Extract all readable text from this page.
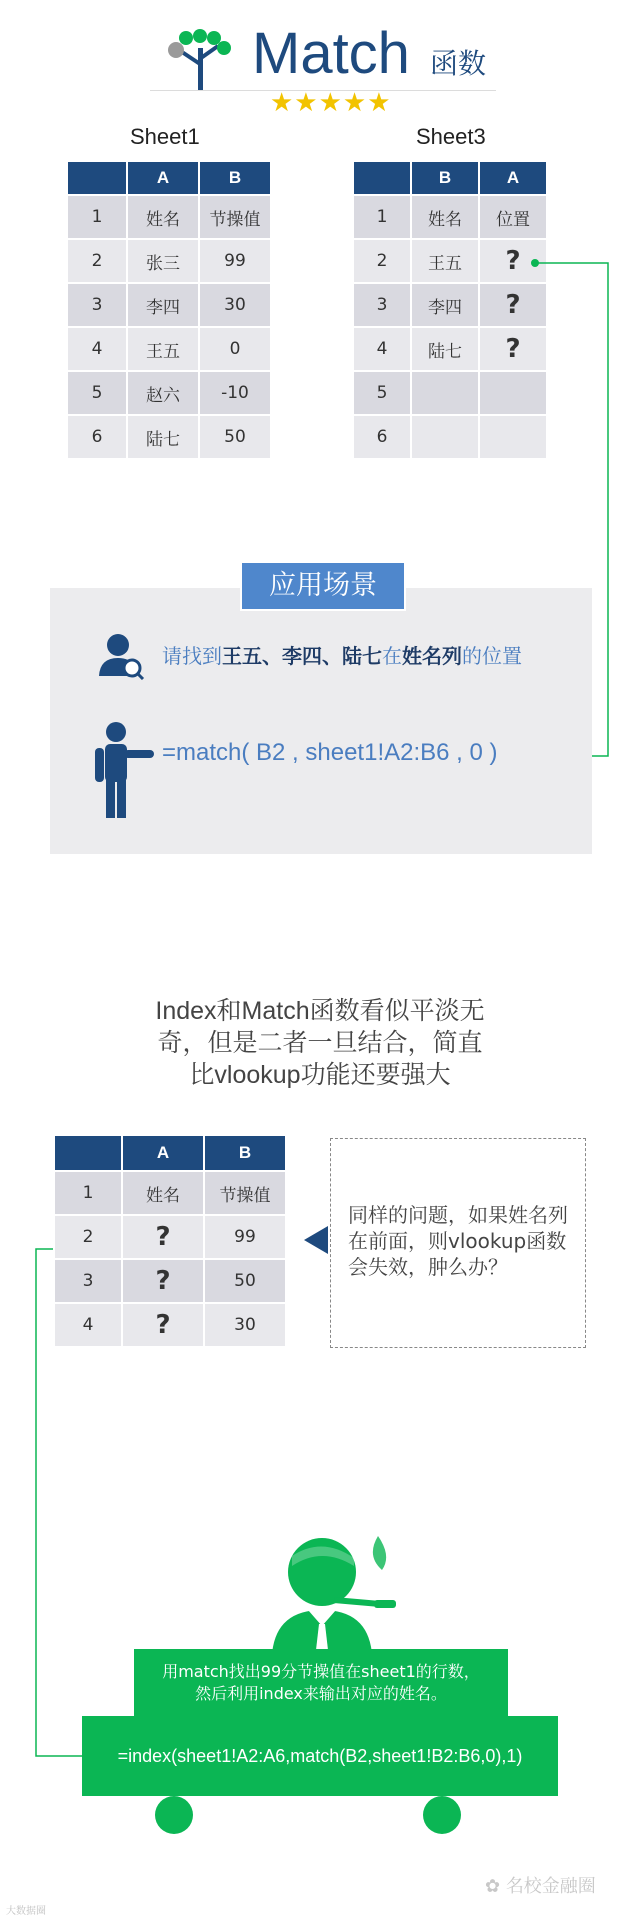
Match 函数
★★★★★
Sheet1
	A	B
1	姓名	节操值
2	张三	99
3	李四	30
4	王五	0
5	赵六	-10
6	陆七	50
Sheet3
	B	A
1	姓名	位置
2	王五	?
3	李四	?
4	陆七	?
5		
6		
应用场景
请找到王五、李四、陆七在姓名列的位置
=match( B2 , sheet1!A2:B6 , 0 )
Index和Match函数看似平淡无
奇，但是二者一旦结合，简直
比vlookup功能还要强大
	A	B
1	姓名	节操值
2	?	99
3	?	50
4	?	30
同样的问题，如果姓名列在前面，则vlookup函数会失效，肿么办？
用match找出99分节操值在sheet1的行数，
然后利用index来输出对应的姓名。
=index(sheet1!A2:A6,match(B2,sheet1!B2:B6,0),1)
✿ 名校金融圈
大数据圈
